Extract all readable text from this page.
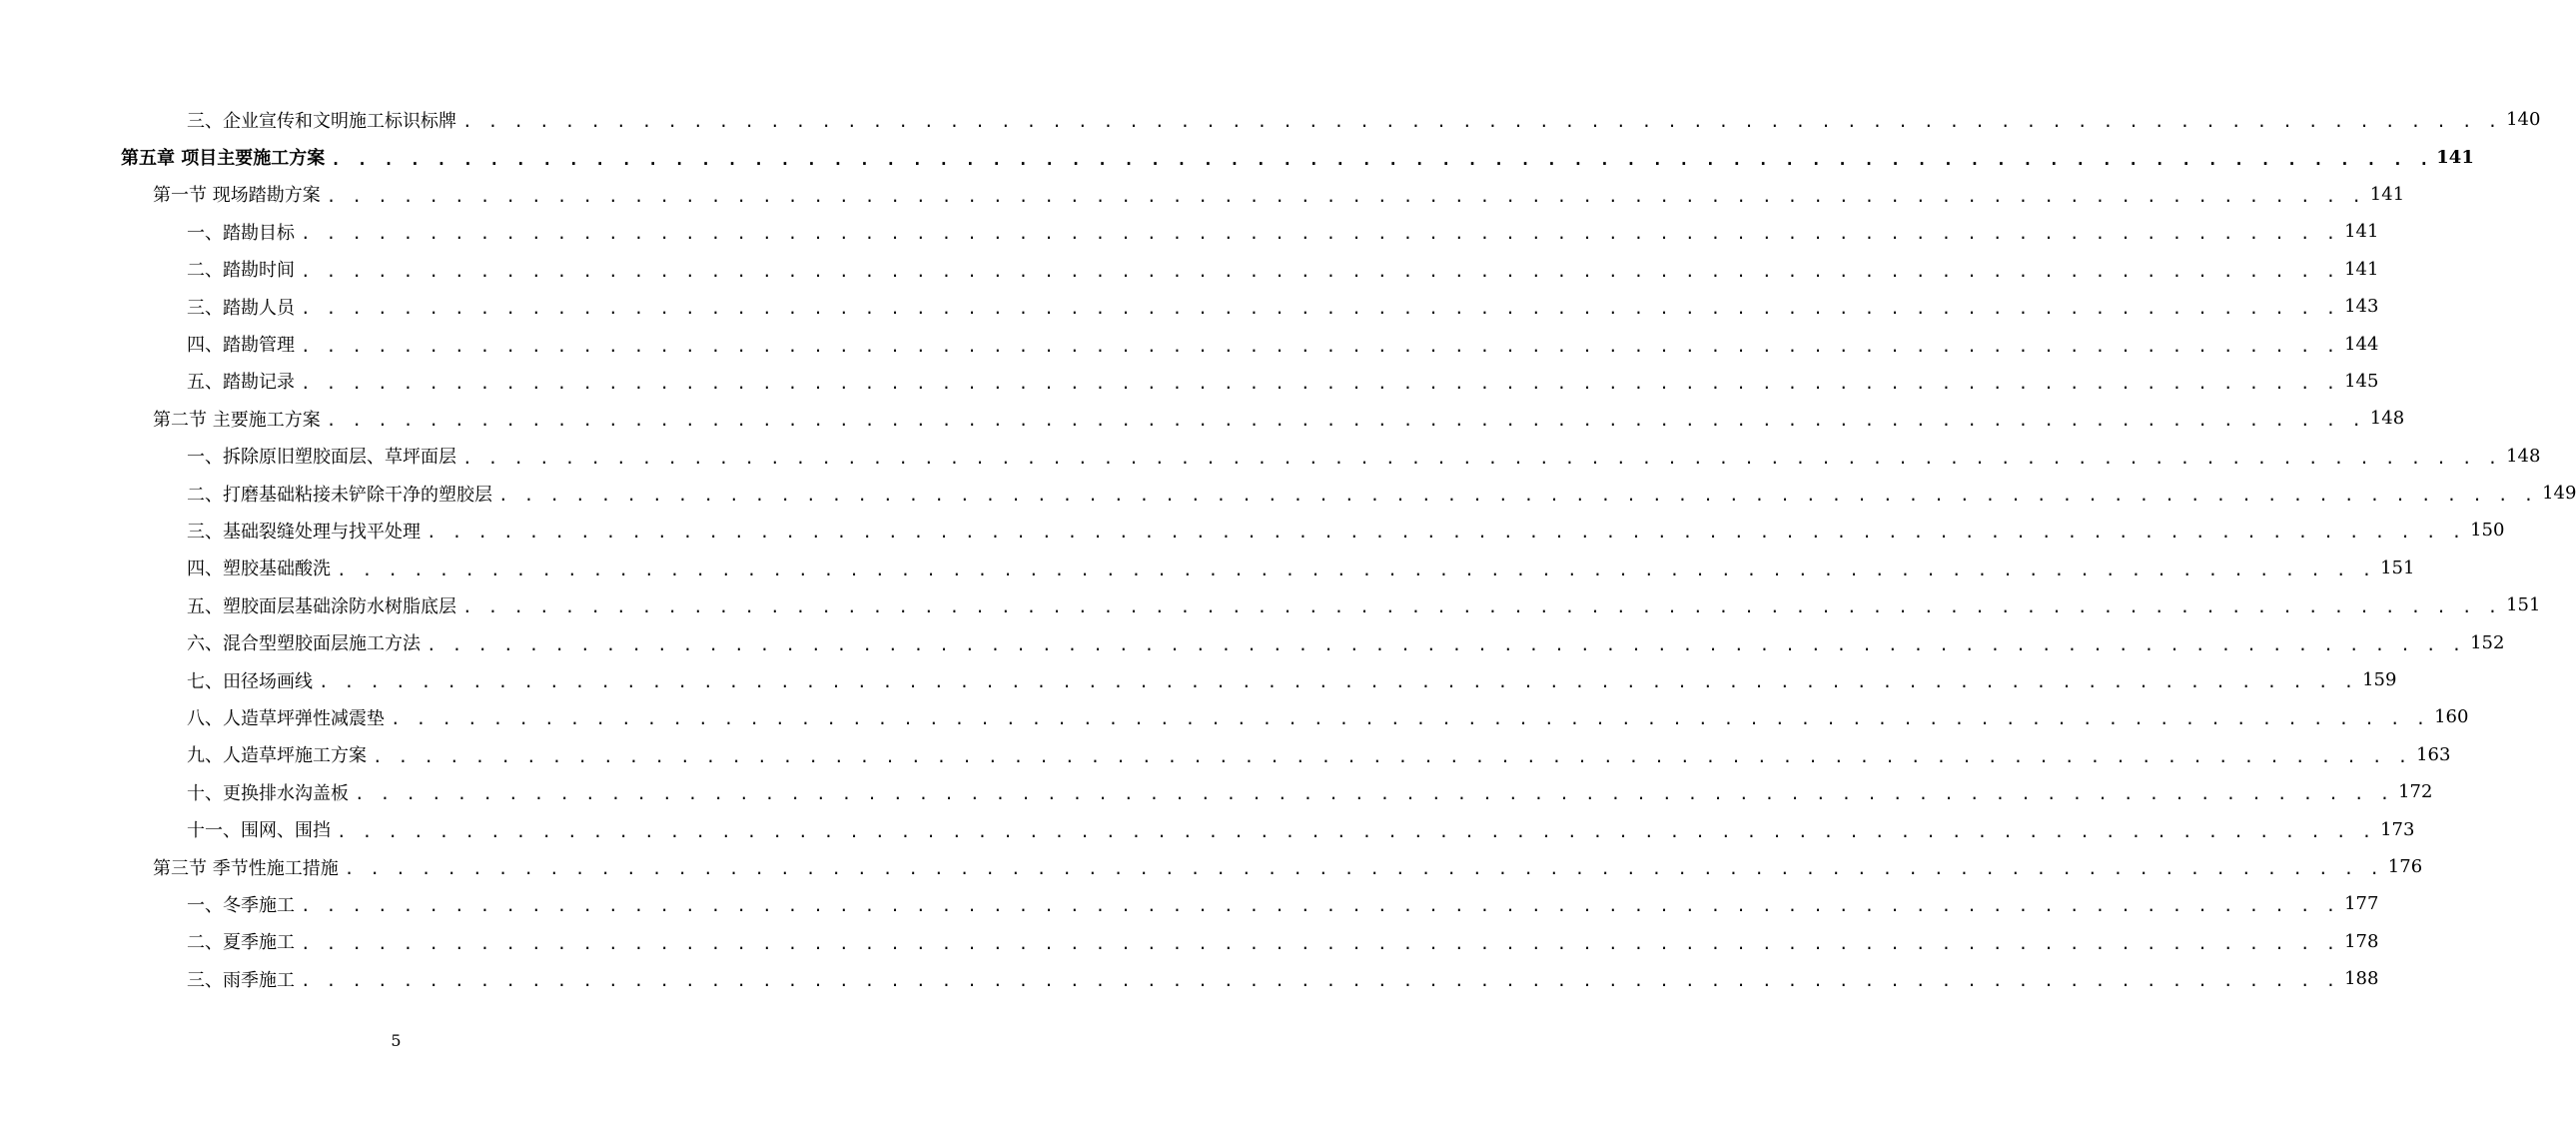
三、企业宣传和文明施工标识标牌 . . . . . . . . . . . . . . . . . . . . . . . . . . . . . . . . . . . . . . . . . . . . . . . . . . . . . . . . . . . . . . . . . . . . . . . . . . . . . . . . 140
第五章 项目主要施工方案 . . . . . . . . . . . . . . . . . . . . . . . . . . . . . . . . . . . . . . . . . . . . . . . . . . . . . . . . . . . . . . . . . . . . . . . . . . . . . . . . 141
第一节 现场踏勘方案 . . . . . . . . . . . . . . . . . . . . . . . . . . . . . . . . . . . . . . . . . . . . . . . . . . . . . . . . . . . . . . . . . . . . . . . . . . . . . . . . 141
一、踏勘目标 . . . . . . . . . . . . . . . . . . . . . . . . . . . . . . . . . . . . . . . . . . . . . . . . . . . . . . . . . . . . . . . . . . . . . . . . . . . . . . . . 141
二、踏勘时间 . . . . . . . . . . . . . . . . . . . . . . . . . . . . . . . . . . . . . . . . . . . . . . . . . . . . . . . . . . . . . . . . . . . . . . . . . . . . . . . . 141
三、踏勘人员 . . . . . . . . . . . . . . . . . . . . . . . . . . . . . . . . . . . . . . . . . . . . . . . . . . . . . . . . . . . . . . . . . . . . . . . . . . . . . . . . 143
四、踏勘管理 . . . . . . . . . . . . . . . . . . . . . . . . . . . . . . . . . . . . . . . . . . . . . . . . . . . . . . . . . . . . . . . . . . . . . . . . . . . . . . . . 144
五、踏勘记录 . . . . . . . . . . . . . . . . . . . . . . . . . . . . . . . . . . . . . . . . . . . . . . . . . . . . . . . . . . . . . . . . . . . . . . . . . . . . . . . . 145
第二节 主要施工方案 . . . . . . . . . . . . . . . . . . . . . . . . . . . . . . . . . . . . . . . . . . . . . . . . . . . . . . . . . . . . . . . . . . . . . . . . . . . . . . . . 148
一、拆除原旧塑胶面层、草坪面层 . . . . . . . . . . . . . . . . . . . . . . . . . . . . . . . . . . . . . . . . . . . . . . . . . . . . . . . . . . . . . . . . . . . . . . . . . . . . . . . . 148
二、打磨基础粘接未铲除干净的塑胶层 . . . . . . . . . . . . . . . . . . . . . . . . . . . . . . . . . . . . . . . . . . . . . . . . . . . . . . . . . . . . . . . . . . . . . . . . . . . . . . . . 149
三、基础裂缝处理与找平处理 . . . . . . . . . . . . . . . . . . . . . . . . . . . . . . . . . . . . . . . . . . . . . . . . . . . . . . . . . . . . . . . . . . . . . . . . . . . . . . . . 150
四、塑胶基础酸洗 . . . . . . . . . . . . . . . . . . . . . . . . . . . . . . . . . . . . . . . . . . . . . . . . . . . . . . . . . . . . . . . . . . . . . . . . . . . . . . . . 151
五、塑胶面层基础涂防水树脂底层 . . . . . . . . . . . . . . . . . . . . . . . . . . . . . . . . . . . . . . . . . . . . . . . . . . . . . . . . . . . . . . . . . . . . . . . . . . . . . . . . 151
六、混合型塑胶面层施工方法 . . . . . . . . . . . . . . . . . . . . . . . . . . . . . . . . . . . . . . . . . . . . . . . . . . . . . . . . . . . . . . . . . . . . . . . . . . . . . . . . 152
七、田径场画线 . . . . . . . . . . . . . . . . . . . . . . . . . . . . . . . . . . . . . . . . . . . . . . . . . . . . . . . . . . . . . . . . . . . . . . . . . . . . . . . . 159
八、人造草坪弹性减震垫 . . . . . . . . . . . . . . . . . . . . . . . . . . . . . . . . . . . . . . . . . . . . . . . . . . . . . . . . . . . . . . . . . . . . . . . . . . . . . . . . 160
九、人造草坪施工方案 . . . . . . . . . . . . . . . . . . . . . . . . . . . . . . . . . . . . . . . . . . . . . . . . . . . . . . . . . . . . . . . . . . . . . . . . . . . . . . . . 163
十、更换排水沟盖板 . . . . . . . . . . . . . . . . . . . . . . . . . . . . . . . . . . . . . . . . . . . . . . . . . . . . . . . . . . . . . . . . . . . . . . . . . . . . . . . . 172
十一、围网、围挡 . . . . . . . . . . . . . . . . . . . . . . . . . . . . . . . . . . . . . . . . . . . . . . . . . . . . . . . . . . . . . . . . . . . . . . . . . . . . . . . . 173
第三节 季节性施工措施 . . . . . . . . . . . . . . . . . . . . . . . . . . . . . . . . . . . . . . . . . . . . . . . . . . . . . . . . . . . . . . . . . . . . . . . . . . . . . . . . 176
一、冬季施工 . . . . . . . . . . . . . . . . . . . . . . . . . . . . . . . . . . . . . . . . . . . . . . . . . . . . . . . . . . . . . . . . . . . . . . . . . . . . . . . . 177
二、夏季施工 . . . . . . . . . . . . . . . . . . . . . . . . . . . . . . . . . . . . . . . . . . . . . . . . . . . . . . . . . . . . . . . . . . . . . . . . . . . . . . . . 178
三、雨季施工 . . . . . . . . . . . . . . . . . . . . . . . . . . . . . . . . . . . . . . . . . . . . . . . . . . . . . . . . . . . . . . . . . . . . . . . . . . . . . . . . 188
5
